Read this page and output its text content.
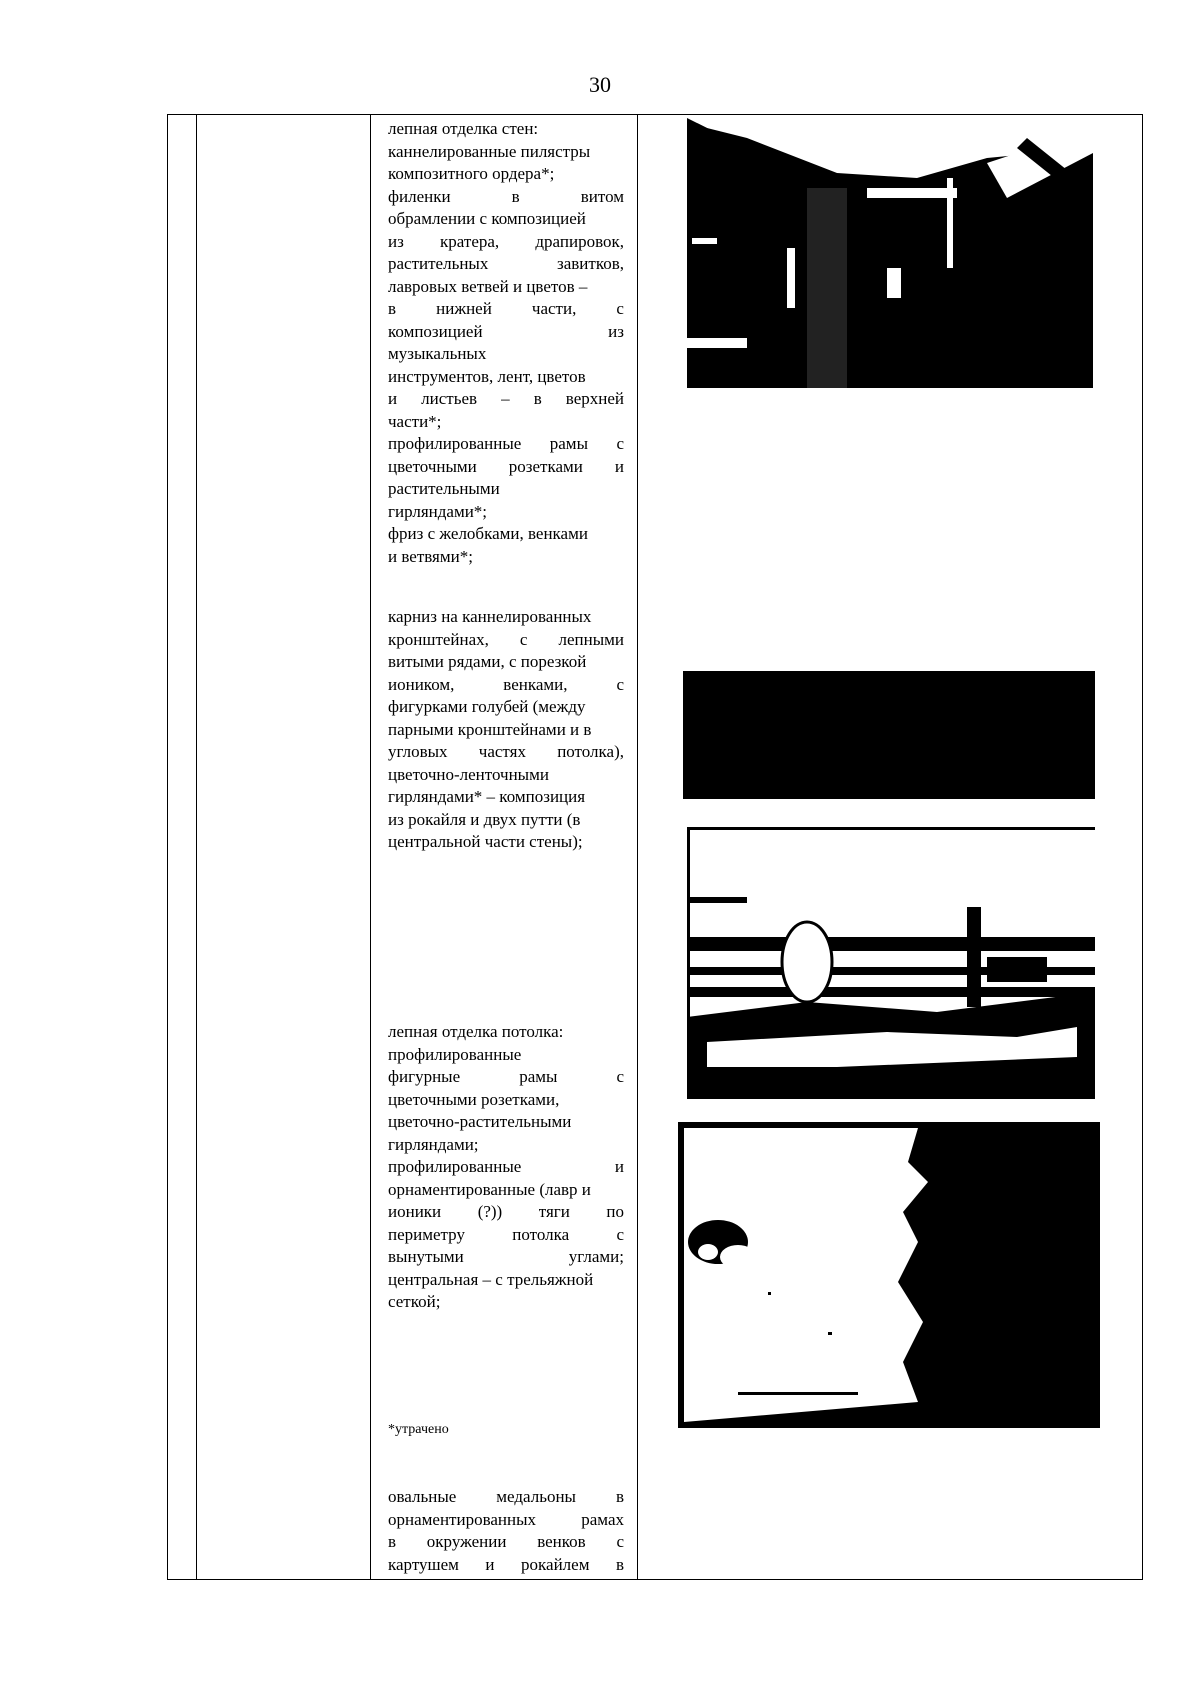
30
лепная отделка стен:
каннелированные пилястры
композитного ордера*;
филенки	в	витом
обрамлении с композицией
из кратера, драпировок,
растительных	завитков,
лавровых ветвей и цветов –
в нижней части, с
композицией	из
музыкальных
инструментов, лент, цветов
и листьев – в верхней
части*;
профилированные рамы с
цветочными розетками и
растительными
гирляндами*;
фриз с желобками, венками
и ветвями*;
карниз на каннелированных
кронштейнах, с лепными
витыми рядами, с порезкой
иоником,	венками,	с
фигурками голубей (между
парными кронштейнами и в
угловых частях потолка),
цветочно-ленточными
гирляндами* – композиция
из рокайля и двух путти (в
центральной части стены);
лепная отделка потолка:
профилированные
фигурные	рамы	с
цветочными розетками,
цветочно-растительными
гирляндами;
профилированные	и
орнаментированные (лавр и
ионики (?)) тяги по
периметру	потолка	с
вынутыми	углами;
центральная – с трельяжной
сеткой;
*утрачено
овальные медальоны в
орнаментированных	рамах
в окружении венков с
картушем и рокайлем в
